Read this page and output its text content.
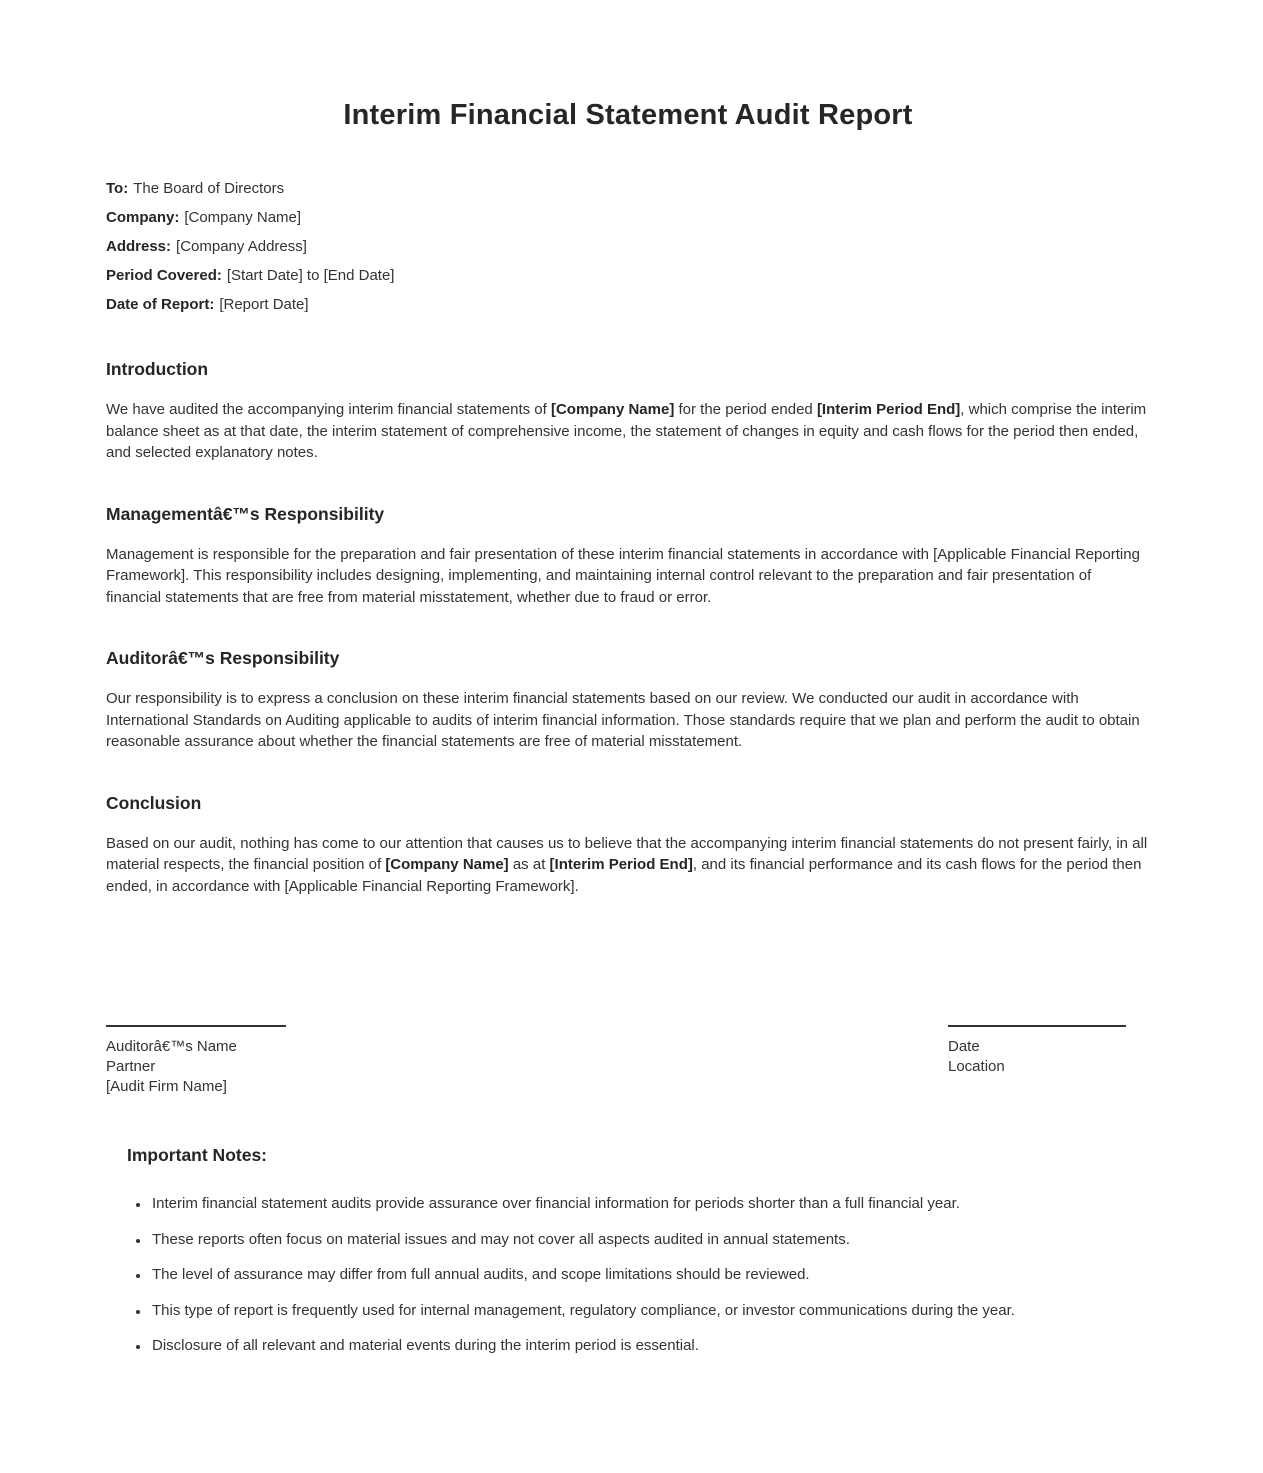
Interim Financial Statement Audit Report

To: The Board of Directors

Company: [Company Name]

Address: [Company Address]

Period Covered: [Start Date] to [End Date]

Date of Report: [Report Date]

Introduction

We have audited the accompanying interim financial statements of [Company Name] for the period ended [Interim Period End], which comprise the interim balance sheet as at that date, the interim statement of comprehensive income, the statement of changes in equity and cash flows for the period then ended, and selected explanatory notes.

Managementâ€™s Responsibility

Management is responsible for the preparation and fair presentation of these interim financial statements in accordance with [Applicable Financial Reporting Framework]. This responsibility includes designing, implementing, and maintaining internal control relevant to the preparation and fair presentation of financial statements that are free from material misstatement, whether due to fraud or error.

Auditorâ€™s Responsibility

Our responsibility is to express a conclusion on these interim financial statements based on our review. We conducted our audit in accordance with International Standards on Auditing applicable to audits of interim financial information. Those standards require that we plan and perform the audit to obtain reasonable assurance about whether the financial statements are free of material misstatement.

Conclusion

Based on our audit, nothing has come to our attention that causes us to believe that the accompanying interim financial statements do not present fairly, in all material respects, the financial position of [Company Name] as at [Interim Period End], and its financial performance and its cash flows for the period then ended, in accordance with [Applicable Financial Reporting Framework].

Auditorâ€™s Name

Partner

[Audit Firm Name]

Date

Location

Important Notes:
• Interim financial statement audits provide assurance over financial information for periods shorter than a full financial year.
• These reports often focus on material issues and may not cover all aspects audited in annual statements.
• The level of assurance may differ from full annual audits, and scope limitations should be reviewed.
• This type of report is frequently used for internal management, regulatory compliance, or investor communications during the year.
• Disclosure of all relevant and material events during the interim period is essential.
